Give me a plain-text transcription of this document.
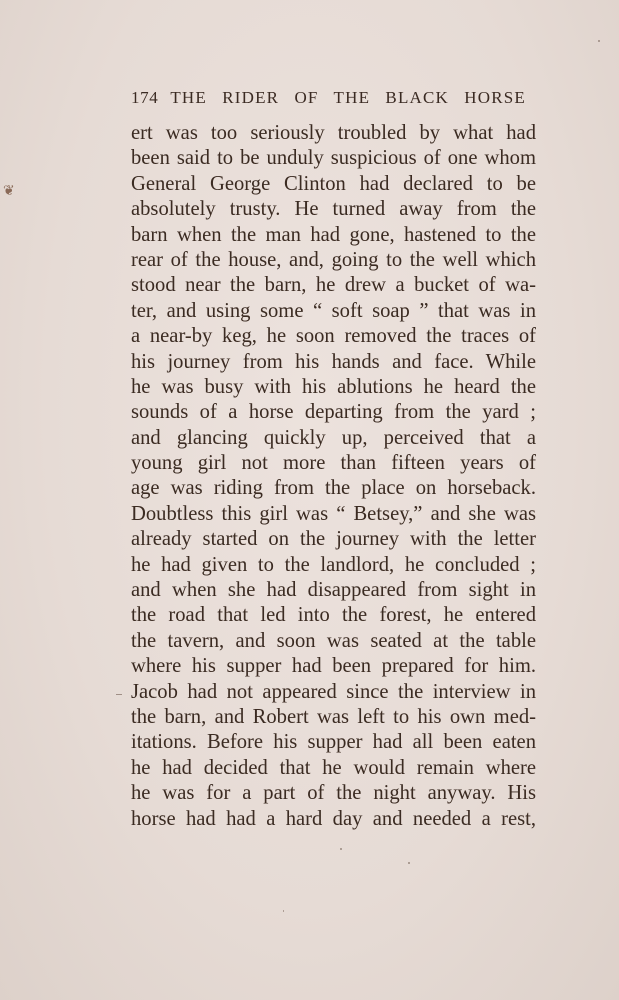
174 THE RIDER OF THE BLACK HORSE
❦
ert was too seriously troubled by what had
been said to be unduly suspicious of one whom
General George Clinton had declared to be
absolutely trusty. He turned away from the
barn when the man had gone, hastened to the
rear of the house, and, going to the well which
stood near the barn, he drew a bucket of wa-
ter, and using some “ soft soap ” that was in
a near-by keg, he soon removed the traces of
his journey from his hands and face. While
he was busy with his ablutions he heard the
sounds of a horse departing from the yard ;
and glancing quickly up, perceived that a
young girl not more than fifteen years of
age was riding from the place on horseback.
Doubtless this girl was “ Betsey,” and she was
already started on the journey with the letter
he had given to the landlord, he concluded ;
and when she had disappeared from sight in
the road that led into the forest, he entered
the tavern, and soon was seated at the table
where his supper had been prepared for him.
Jacob had not appeared since the interview in
the barn, and Robert was left to his own med-
itations. Before his supper had all been eaten
he had decided that he would remain where
he was for a part of the night anyway. His
horse had had a hard day and needed a rest,
